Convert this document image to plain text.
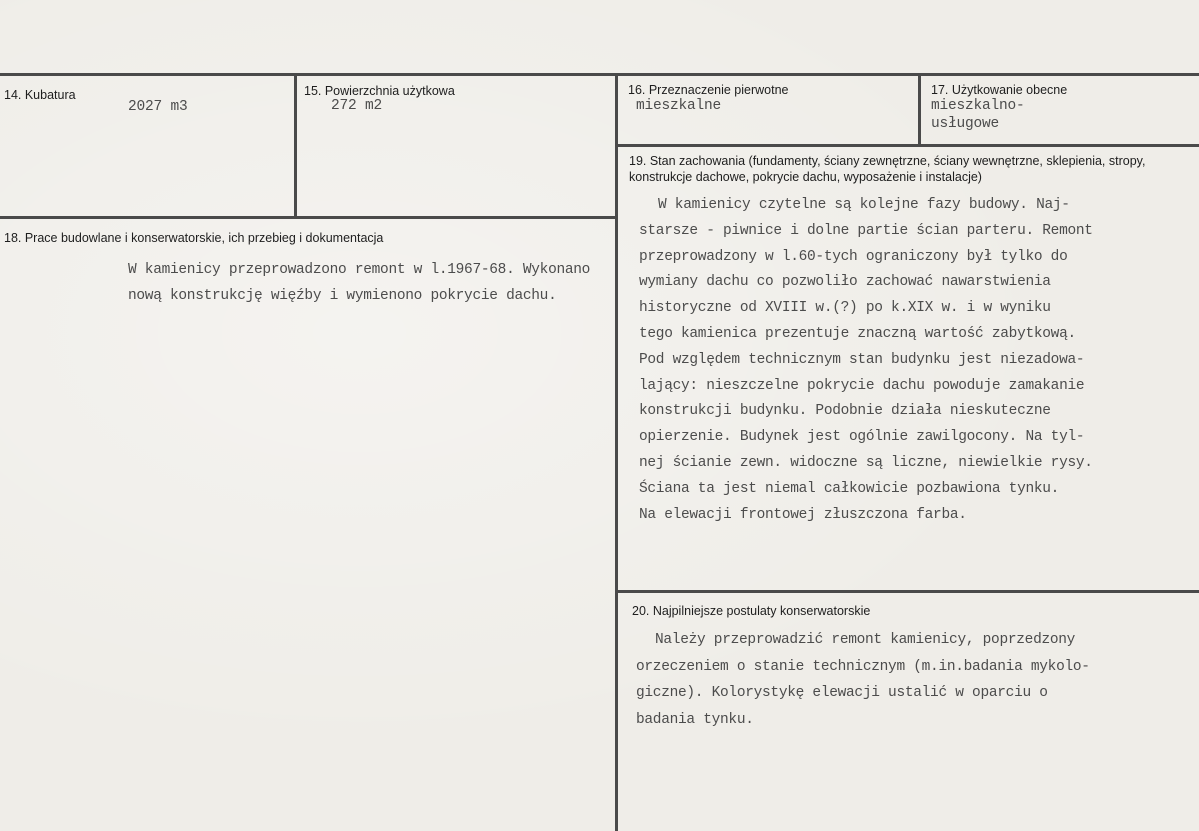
14. Kubatura
2027 m3
15. Powierzchnia użytkowa
272 m2
16. Przeznaczenie pierwotne
mieszkalne
17. Użytkowanie obecne
mieszkalno-
usługowe
18. Prace budowlane i konserwatorskie, ich przebieg i dokumentacja
W kamienicy przeprowadzono remont w l.1967-68. Wykonano
nową konstrukcję więźby i wymienono pokrycie dachu.
19. Stan zachowania (fundamenty, ściany zewnętrzne, ściany wewnętrzne, sklepienia, stropy, konstrukcje dachowe, pokrycie dachu, wyposażenie i instalacje)
W kamienicy czytelne są kolejne fazy budowy. Naj-
starsze - piwnice i dolne partie ścian parteru. Remont
przeprowadzony w l.60-tych ograniczony był tylko do
wymiany dachu co pozwoliło zachować nawarstwienia
historyczne od XVIII w.(?) po k.XIX w. i w wyniku
tego kamienica prezentuje znaczną wartość zabytkową.
Pod względem technicznym stan budynku jest niezadowa-
lający: nieszczelne pokrycie dachu powoduje zamakanie
konstrukcji budynku. Podobnie działa nieskuteczne
opierzenie. Budynek jest ogólnie zawilgocony. Na tyl-
nej ścianie zewn. widoczne są liczne, niewielkie rysy.
Ściana ta jest niemal całkowicie pozbawiona tynku.
Na elewacji frontowej złuszczona farba.
20. Najpilniejsze postulaty konserwatorskie
Należy przeprowadzić remont kamienicy, poprzedzony
orzeczeniem o stanie technicznym (m.in.badania mykolo-
giczne). Kolorystykę elewacji ustalić w oparciu o
badania tynku.
